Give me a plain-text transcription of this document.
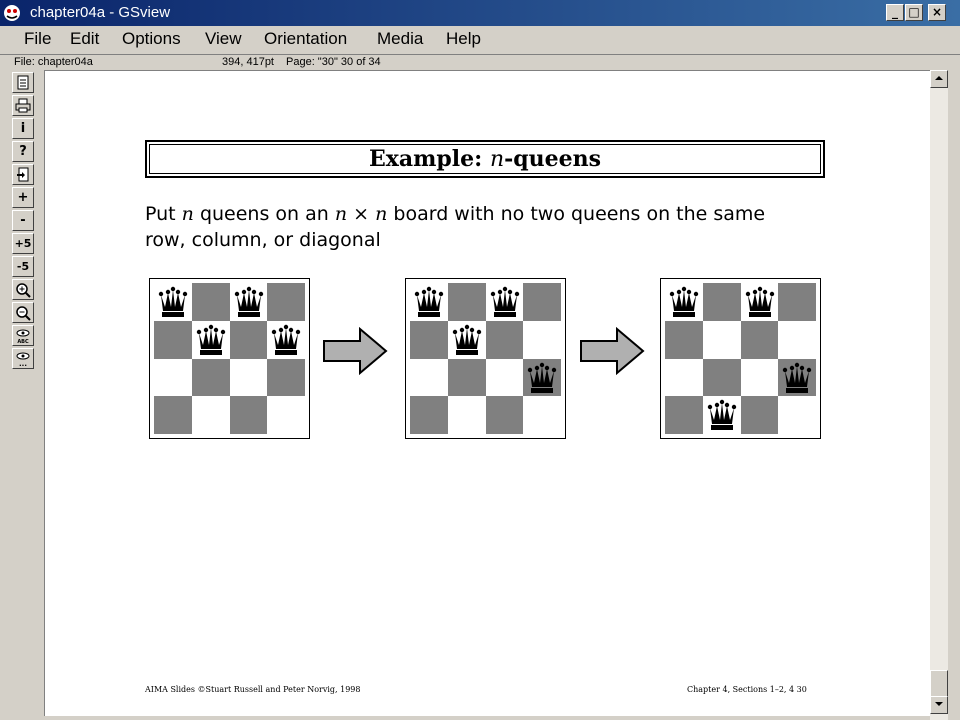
chapter04a - GSview	_ □	×
File Edit Options View Orientation Media Help
File: chapter04a	394, 417pt Page: "30" 30 of 34
i
?
+
-
+5
-5
ABC
...
Example: n-queens
Put n queens on an n × n board with no two queens on the same
row, column, or diagonal
AIMA Slides ©Stuart Russell and Peter Norvig, 1998	Chapter 4, Sections 1–2, 4 30
